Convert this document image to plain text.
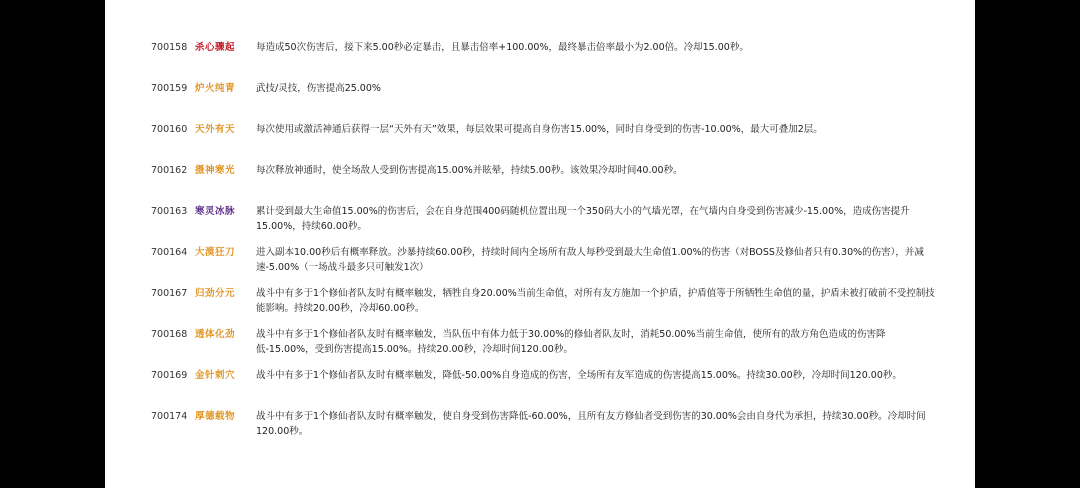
700158 杀心骤起	每造成50次伤害后，接下来5.00秒必定暴击，且暴击倍率+100.00%，最终暴击倍率最小为2.00倍。冷却15.00秒。
700159 炉火纯青	武技/灵技，伤害提高25.00%
700160 天外有天	每次使用或激活神通后获得一层“天外有天”效果，每层效果可提高自身伤害15.00%，同时自身受到的伤害-10.00%，最大可叠加2层。
700162 摄神寒光	每次释放神通时，使全场敌人受到伤害提高15.00%并眩晕，持续5.00秒。该效果冷却时间40.00秒。
700163 寒灵冰脉	累计受到最大生命值15.00%的伤害后，会在自身范围400码随机位置出现一个350码大小的气墙光罩，在气墙内自身受到伤害减少-15.00%，造成伤害提升15.00%，持续60.00秒。
700164 大漠狂刀	进入副本10.00秒后有概率释放。沙暴持续60.00秒，持续时间内全场所有敌人每秒受到最大生命值1.00%的伤害（对BOSS及修仙者只有0.30%的伤害），并减速-5.00%（一场战斗最多只可触发1次）
700167 归劲分元	战斗中有多于1个修仙者队友时有概率触发，牺牲自身20.00%当前生命值，对所有友方施加一个护盾，护盾值等于所牺牲生命值的量，护盾未被打破前不受控制技能影响。持续20.00秒，冷却60.00秒。
700168 透体化劲	战斗中有多于1个修仙者队友时有概率触发，当队伍中有体力低于30.00%的修仙者队友时，消耗50.00%当前生命值，使所有的敌方角色造成的伤害降低-15.00%，受到伤害提高15.00%。持续20.00秒，冷却时间120.00秒。
700169 金针刺穴	战斗中有多于1个修仙者队友时有概率触发，降低-50.00%自身造成的伤害，全场所有友军造成的伤害提高15.00%。持续30.00秒，冷却时间120.00秒。
700174 厚德载物	战斗中有多于1个修仙者队友时有概率触发，使自身受到伤害降低-60.00%，且所有友方修仙者受到伤害的30.00%会由自身代为承担，持续30.00秒。冷却时间120.00秒。
